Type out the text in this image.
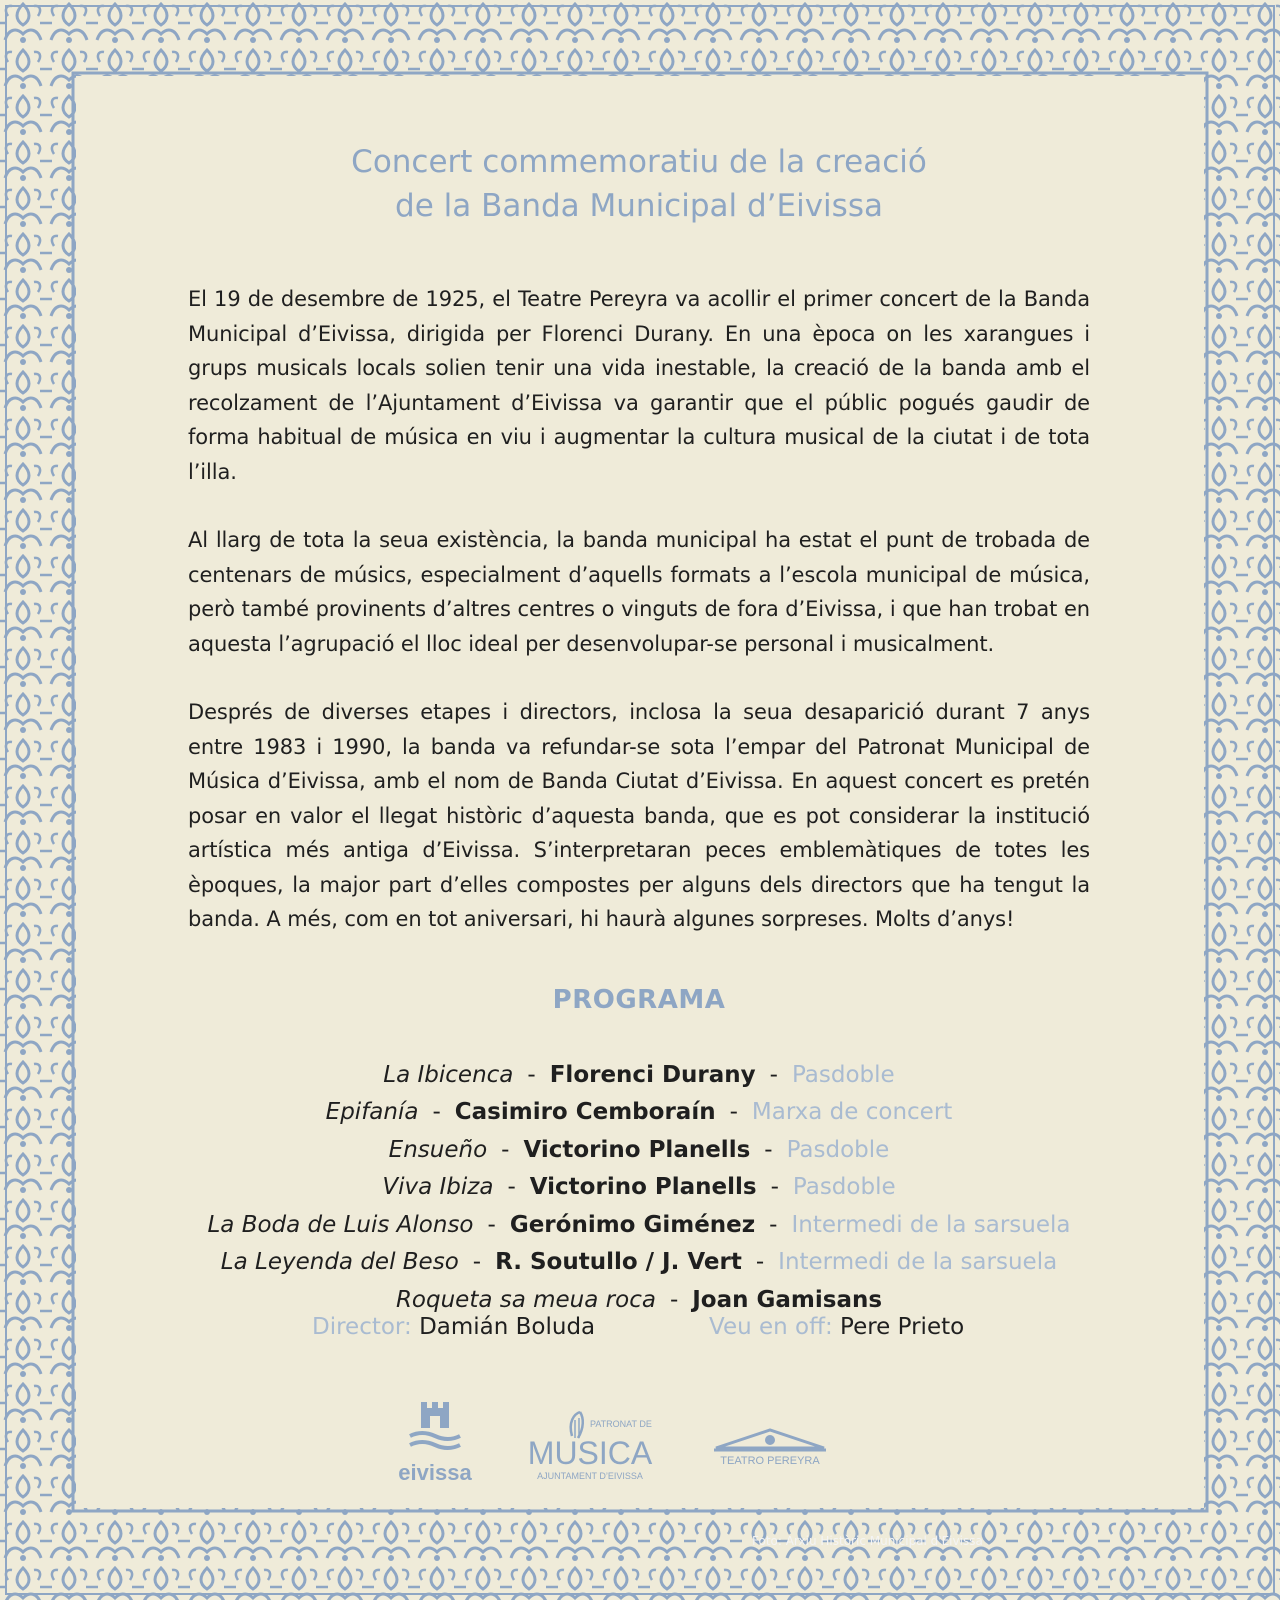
Concert commemoratiu de la creació
de la Banda Municipal d’Eivissa

El 19 de desembre de 1925, el Teatre Pereyra va acollir el primer concert de la Banda Municipal d’Eivissa, dirigida per Florenci Durany. En una època on les xarangues i grups musicals locals solien tenir una vida inestable, la creació de la banda amb el recolzament de l’Ajuntament d’Eivissa va garantir que el públic pogués gaudir de forma habitual de música en viu i augmentar la cultura musical de la ciutat i de tota l’illa.

Al llarg de tota la seua existència, la banda municipal ha estat el punt de trobada de centenars de músics, especialment d’aquells formats a l’escola municipal de música, però també provinents d’altres centres o vinguts de fora d’Eivissa, i que han trobat en aquesta l’agrupació el lloc ideal per desenvolupar-se personal i musicalment.

Després de diverses etapes i directors, inclosa la seua desaparició durant 7 anys entre 1983 i 1990, la banda va refundar-se sota l’empar del Patronat Municipal de Música d’Eivissa, amb el nom de Banda Ciutat d’Eivissa. En aquest concert es pretén posar en valor el llegat històric d’aquesta banda, que es pot considerar la institució artística més antiga d’Eivissa. S’interpretaran peces emblemàtiques de totes les èpoques, la major part d’elles compostes per alguns dels directors que ha tengut la banda. A més, com en tot aniversari, hi haurà algunes sorpreses. Molts d’anys!

PROGRAMA
La Ibicenca - Florenci Durany - Pasdoble
Epifanía - Casimiro Cemboraín - Marxa de concert
Ensueño - Victorino Planells - Pasdoble
Viva Ibiza - Victorino Planells - Pasdoble
La Boda de Luis Alonso - Gerónimo Giménez - Intermedi de la sarsuela
La Leyenda del Beso - R. Soutullo / J. Vert - Intermedi de la sarsuela
Roqueta sa meua roca - Joan Gamisans
Director: Damián Boluda	Veu en off: Pere Prieto
eivissa
PATRONAT DE
MUSICA
AJUNTAMENT D’EIVISSA
TEATRO PEREYRA
Foto: Arxiu Històric Municipal d'Eivissa
